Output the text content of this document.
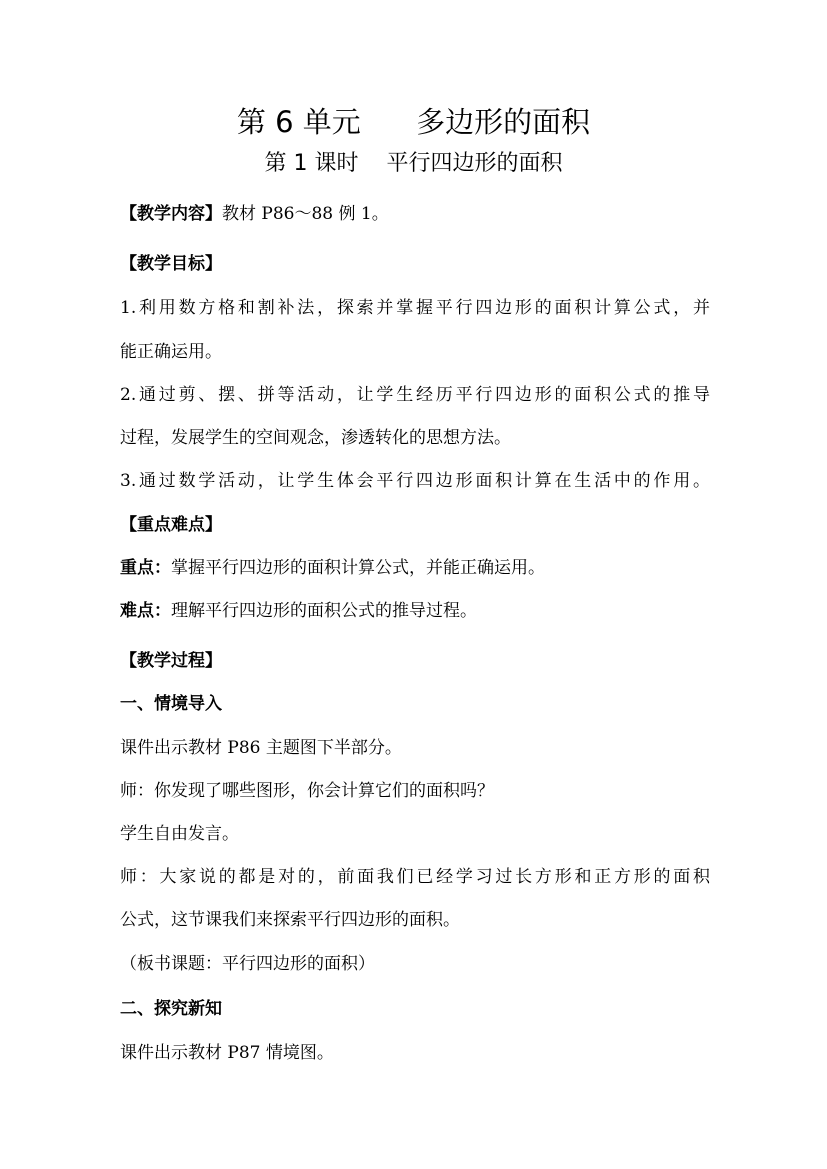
第 6 单元      多边形的面积
第 1 课时    平行四边形的面积
【教学内容】教材 P86～88 例 1。
【教学目标】
1.利用数方格和割补法，探索并掌握平行四边形的面积计算公式，并
能正确运用。
2.通过剪、摆、拼等活动，让学生经历平行四边形的面积公式的推导
过程，发展学生的空间观念，渗透转化的思想方法。
3.通过数学活动，让学生体会平行四边形面积计算在生活中的作用。
【重点难点】
重点：掌握平行四边形的面积计算公式，并能正确运用。
难点：理解平行四边形的面积公式的推导过程。
【教学过程】
一、情境导入
课件出示教材 P86 主题图下半部分。
师：你发现了哪些图形，你会计算它们的面积吗？
学生自由发言。
师：大家说的都是对的，前面我们已经学习过长方形和正方形的面积
公式，这节课我们来探索平行四边形的面积。
（板书课题：平行四边形的面积）
二、探究新知
课件出示教材 P87 情境图。
